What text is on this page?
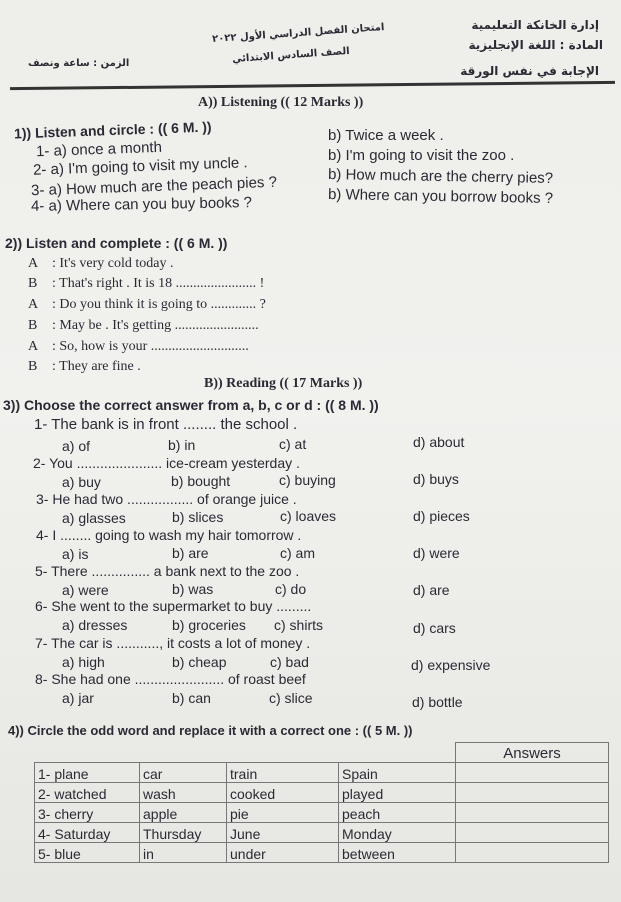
إدارة الخانكة التعليمية
المادة : اللغة الإنجليزية
امتحان الفصل الدراسي الأول ٢٠٢٢
الصف السادس الابتدائي
الزمن : ساعة ونصف
الإجابة في نفس الورقة
A)) Listening (( 12 Marks ))
1)) Listen and circle : (( 6 M. ))
1- a) once a month
b) Twice a week .
2- a) I'm going to visit my uncle .	b) I'm going to visit the zoo .
3- a) How much are the peach pies ?	b) How much are the cherry pies?
4- a) Where can you buy books ?	b) Where can you borrow books ?
2)) Listen and complete : (( 6 M. ))
A : It's very cold today .
B : That's right . It is 18 ....................... !
A : Do you think it is going to ............. ?
B : May be . It's getting ........................
A : So, how is your ............................
B : They are fine .
B)) Reading (( 17 Marks ))
3)) Choose the correct answer from a, b, c or d : (( 8 M. ))
1- The bank is in front ........ the school .
a) of	b) in	c) at	d) about
2- You ...................... ice-cream yesterday .
a) buy	b) bought	c) buying	d) buys
3- He had two ................. of orange juice .
a) glasses	b) slices	c) loaves	d) pieces
4- I ........ going to wash my hair tomorrow .
a) is	b) are	c) am	d) were
5- There ............... a bank next to the zoo .
a) were	b) was	c) do	d) are
6- She went to the supermarket to buy .........
a) dresses	b) groceries c) shirts	d) cars
7- The car is ..........., it costs a lot of money .
a) high	b) cheap	c) bad	d) expensive
8- She had one ....................... of roast beef
a) jar	b) can	c) slice	d) bottle
4)) Circle the odd word and replace it with a correct one : (( 5 M. ))
				Answers
1- plane	car	train	Spain	
2- watched	wash	cooked	played	
3- cherry	apple	pie	peach	
4- Saturday	Thursday	June	Monday	
5- blue	in	under	between	
